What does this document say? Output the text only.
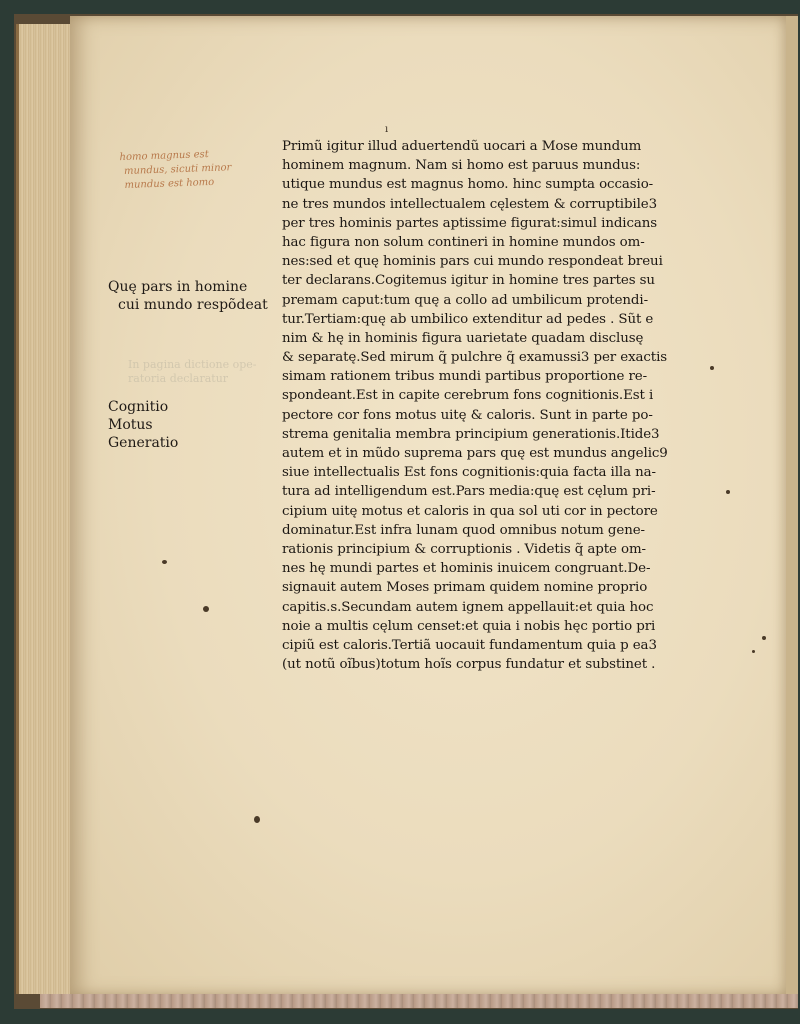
ı
homo magnus est
mundus, sicuti minor
mundus est homo
Quę pars in homine
cui mundo respõdeat
In pagina dictione ope-
ratoria declaratur
Cognitio
Motus
Generatio
Primũ igitur illud aduertendũ uocari a Mose mundum
hominem magnum. Nam si homo est paruus mundus:
utique mundus est magnus homo. hinc sumpta occasio-
ne tres mundos intellectualem cęlestem & corruptibile3
per tres hominis partes aptissime figurat:simul indicans
hac figura non solum contineri in homine mundos om-
nes:sed et quę hominis pars cui mundo respondeat breui
ter declarans.Cogitemus igitur in homine tres partes su
premam caput:tum quę a collo ad umbilicum protendi-
tur.Tertiam:quę ab umbilico extenditur ad pedes . Sũt e
nim & hę in hominis figura uarietate quadam disclusę
& separatę.Sed mirum q̃ pulchre q̃ examussi3 per exactis
simam rationem tribus mundi partibus proportione re-
spondeant.Est in capite cerebrum fons cognitionis.Est i
pectore cor fons motus uitę & caloris. Sunt in parte po-
strema genitalia membra principium generationis.Itide3
autem et in mũdo suprema pars quę est mundus angelic9
siue intellectualis Est fons cognitionis:quia facta illa na-
tura ad intelligendum est.Pars media:quę est cęlum pri-
cipium uitę motus et caloris in qua sol uti cor in pectore
dominatur.Est infra lunam quod omnibus notum gene-
rationis principium & corruptionis . Videtis q̃ apte om-
nes hę mundi partes et hominis inuicem congruant.De-
signauit autem Moses primam quidem nomine proprio
capitis.s.Secundam autem ignem appellauit:et quia hoc
noie a multis cęlum censet:et quia i nobis hęc portio pri
cipiũ est caloris.Tertiã uocauit fundamentum quia p ea3
(ut notũ oĩbus)totum hoĩs corpus fundatur et substinet .
